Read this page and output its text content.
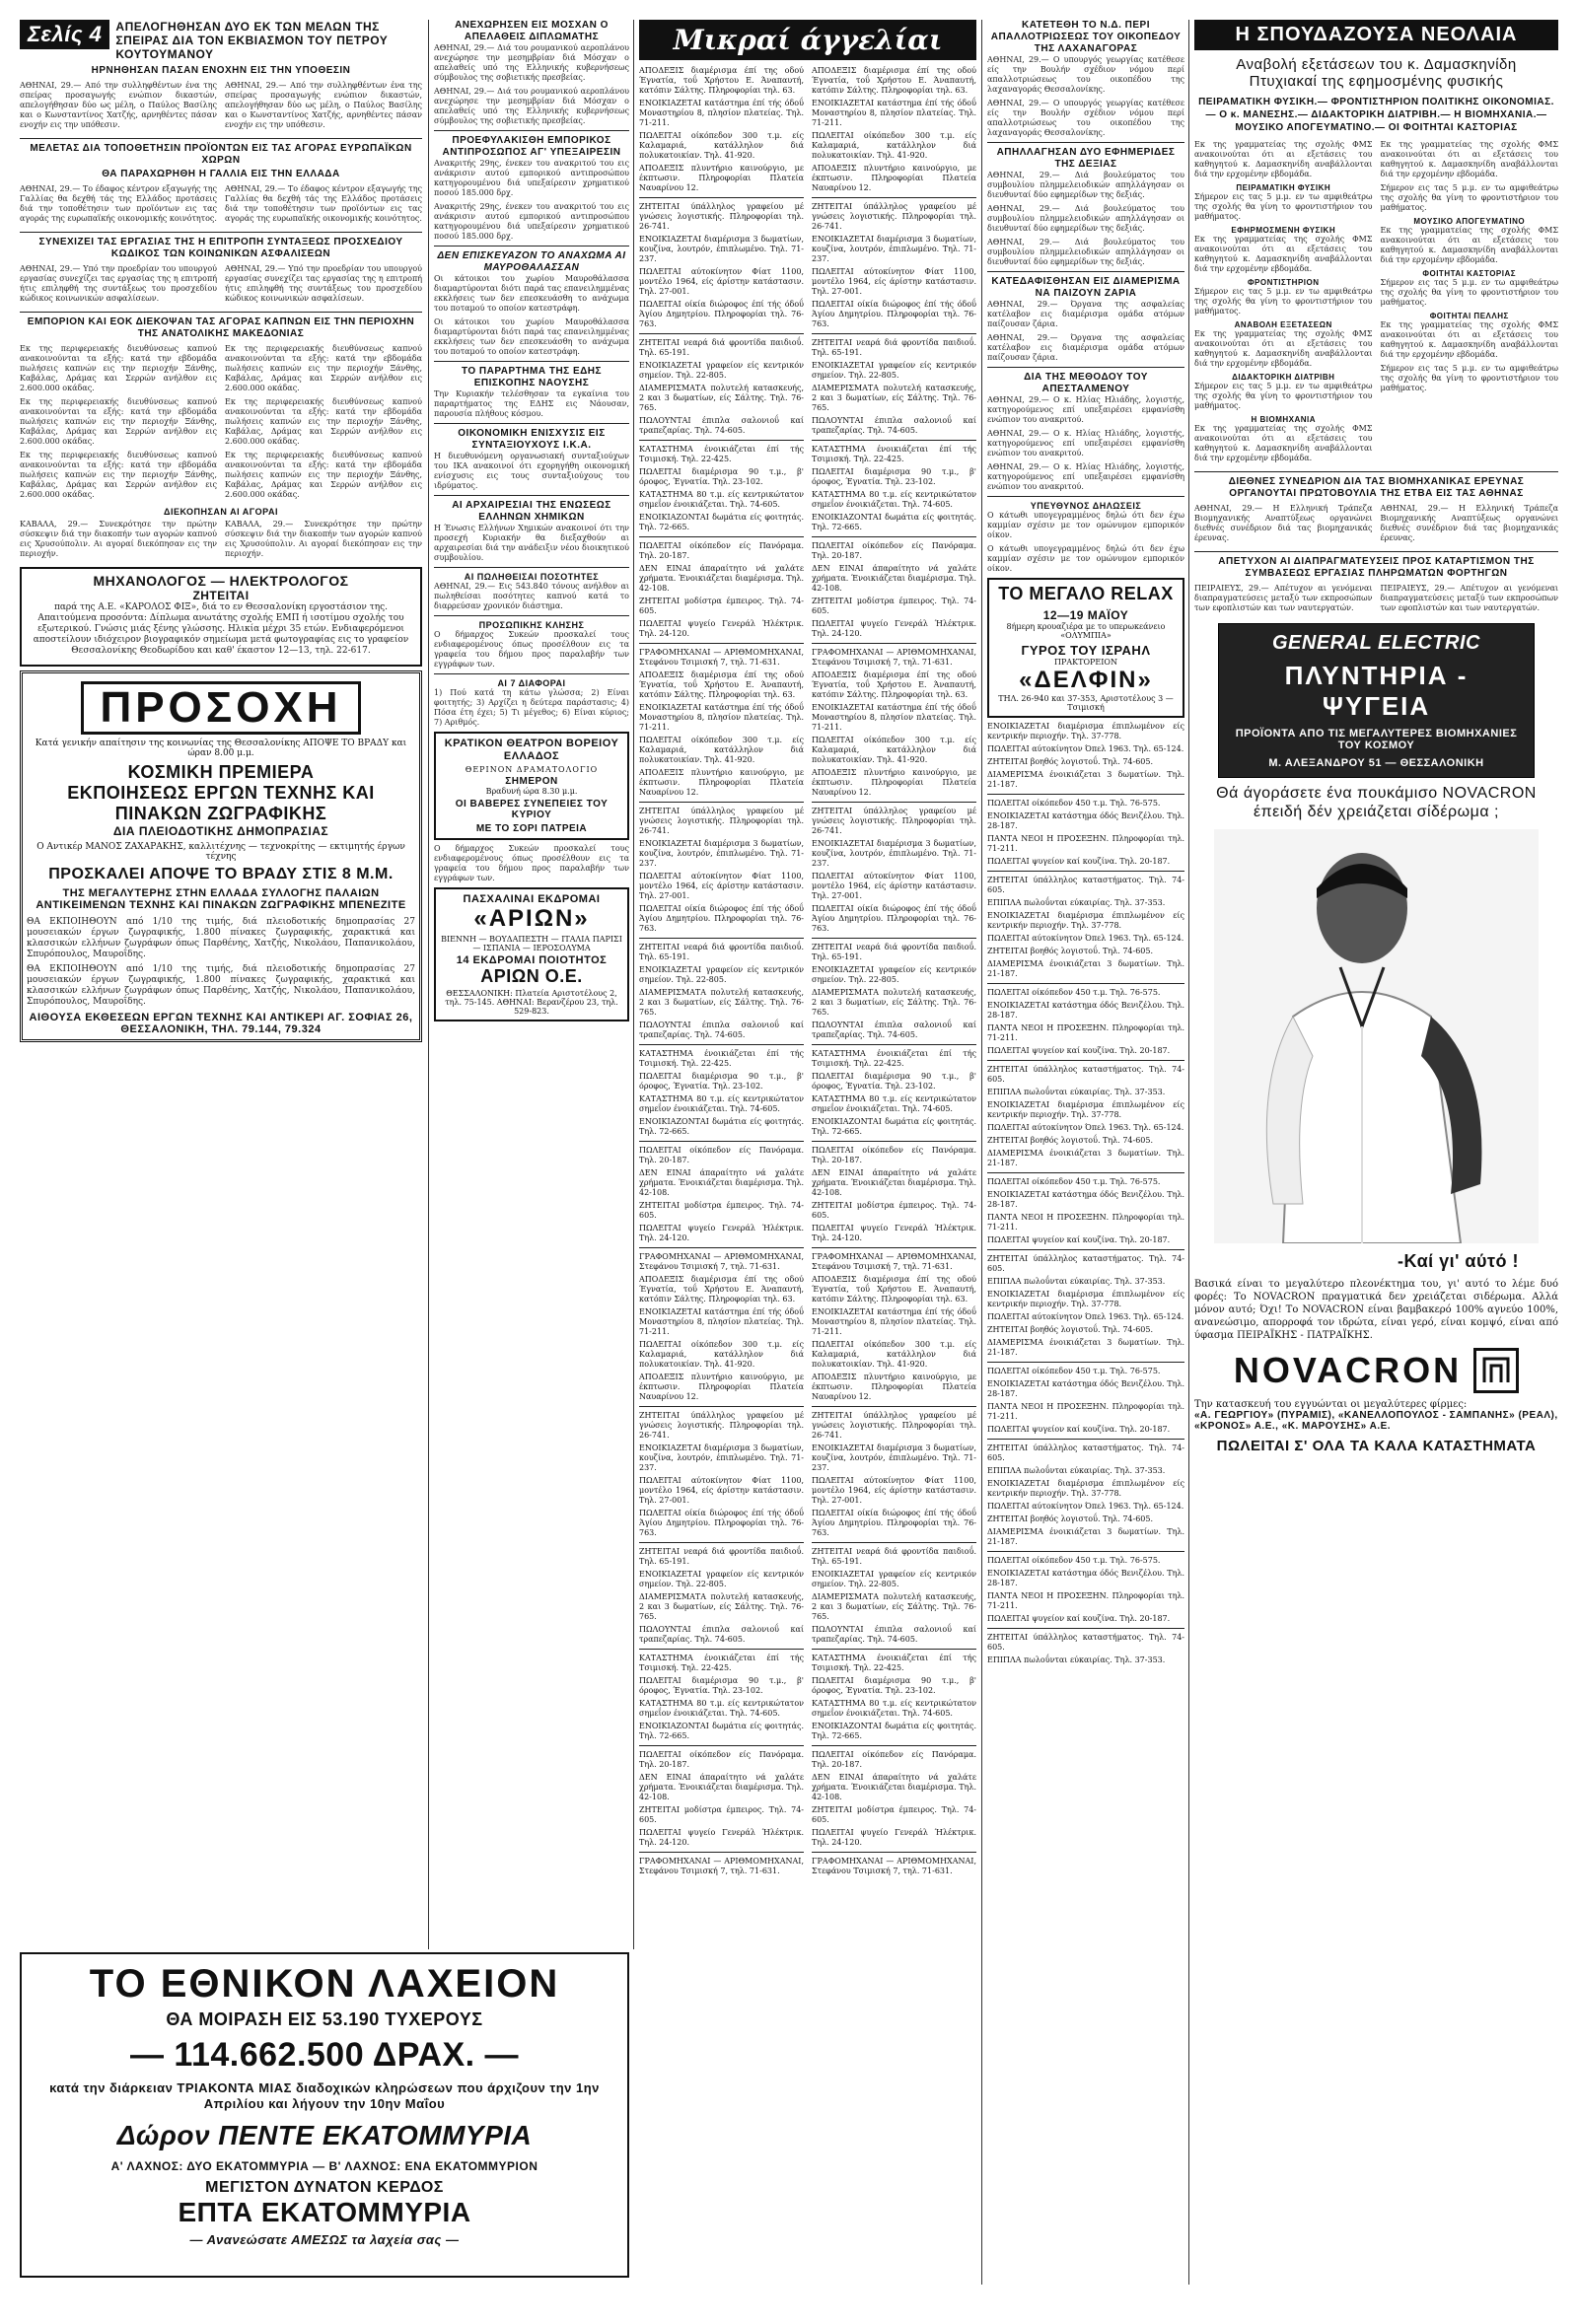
Σελίς 4	ΑΠΕΛΟΓΗΘΗΣΑΝ ΔΥΟ ΕΚ ΤΩΝ ΜΕΛΩΝ ΤΗΣ ΣΠΕΙΡΑΣ ΔΙΑ ΤΟΝ ΕΚΒΙΑΣΜΟΝ ΤΟΥ ΠΕΤΡΟΥ ΚΟΥΤΟΥΜΑΝΟΥ
ΗΡΝΗΘΗΣΑΝ ΠΑΣΑΝ ΕΝΟΧΗΝ ΕΙΣ ΤΗΝ ΥΠΟΘΕΣΙΝ

ΑΘΗΝΑΙ, 29.— Από την συλληφθέντων ένα της σπείρας προσαγωγής ενώπιον δικαστών, απελογήθησαν δύο ως μέλη, ο Παύλος Βασίλης και ο Κωνσταντίνος Χατζής, αρνηθέντες πάσαν ενοχήν εις την υπόθεσιν.

ΑΘΗΝΑΙ, 29.— Από την συλληφθέντων ένα της σπείρας προσαγωγής ενώπιον δικαστών, απελογήθησαν δύο ως μέλη, ο Παύλος Βασίλης και ο Κωνσταντίνος Χατζής, αρνηθέντες πάσαν ενοχήν εις την υπόθεσιν.

ΜΕΛΕΤΑΣ ΔΙΑ ΤΟΠΟΘΕΤΗΣΙΝ ΠΡΟΪΟΝΤΩΝ ΕΙΣ ΤΑΣ ΑΓΟΡΑΣ ΕΥΡΩΠΑΪΚΩΝ ΧΩΡΩΝ
ΘΑ ΠΑΡΑΧΩΡΗΘΗ Η ΓΑΛΛΙΑ ΕΙΣ ΤΗΝ ΕΛΛΑΔΑ

ΑΘΗΝΑΙ, 29.— Το έδαφος κέντρον εξαγωγής της Γαλλίας θα δεχθή τάς της Ελλάδος προτάσεις διά την τοποθέτησιν των προϊόντων εις τας αγοράς της ευρωπαϊκής οικονομικής κοινότητος.

ΑΘΗΝΑΙ, 29.— Το έδαφος κέντρον εξαγωγής της Γαλλίας θα δεχθή τάς της Ελλάδος προτάσεις διά την τοποθέτησιν των προϊόντων εις τας αγοράς της ευρωπαϊκής οικονομικής κοινότητος.

ΣΥΝΕΧΙΖΕΙ ΤΑΣ ΕΡΓΑΣΙΑΣ ΤΗΣ Η ΕΠΙΤΡΟΠΗ ΣΥΝΤΑΞΕΩΣ ΠΡΟΣΧΕΔΙΟΥ ΚΩΔΙΚΟΣ ΤΩΝ ΚΟΙΝΩΝΙΚΩΝ ΑΣΦΑΛΙΣΕΩΝ

ΑΘΗΝΑΙ, 29.— Υπό την προεδρίαν του υπουργού εργασίας συνεχίζει τας εργασίας της η επιτροπή ήτις επιληφθή της συντάξεως του προσχεδίου κώδικος κοινωνικών ασφαλίσεων.

ΑΘΗΝΑΙ, 29.— Υπό την προεδρίαν του υπουργού εργασίας συνεχίζει τας εργασίας της η επιτροπή ήτις επιληφθή της συντάξεως του προσχεδίου κώδικος κοινωνικών ασφαλίσεων.

ΕΜΠΟΡΙΟΝ ΚΑΙ ΕΟΚ ΔΙΕΚΟΨΑΝ ΤΑΣ ΑΓΟΡΑΣ ΚΑΠΝΩΝ ΕΙΣ ΤΗΝ ΠΕΡΙΟΧΗΝ ΤΗΣ ΑΝΑΤΟΛΙΚΗΣ ΜΑΚΕΔΟΝΙΑΣ

Εκ της περιφερειακής διευθύνσεως καπνού ανακοινούνται τα εξής: κατά την εβδομάδα πωλήσεις καπνών εις την περιοχήν Ξάνθης, Καβάλας, Δράμας και Σερρών ανήλθον εις 2.600.000 οκάδας.

Εκ της περιφερειακής διευθύνσεως καπνού ανακοινούνται τα εξής: κατά την εβδομάδα πωλήσεις καπνών εις την περιοχήν Ξάνθης, Καβάλας, Δράμας και Σερρών ανήλθον εις 2.600.000 οκάδας.

Εκ της περιφερειακής διευθύνσεως καπνού ανακοινούνται τα εξής: κατά την εβδομάδα πωλήσεις καπνών εις την περιοχήν Ξάνθης, Καβάλας, Δράμας και Σερρών ανήλθον εις 2.600.000 οκάδας.

Εκ της περιφερειακής διευθύνσεως καπνού ανακοινούνται τα εξής: κατά την εβδομάδα πωλήσεις καπνών εις την περιοχήν Ξάνθης, Καβάλας, Δράμας και Σερρών ανήλθον εις 2.600.000 οκάδας.

Εκ της περιφερειακής διευθύνσεως καπνού ανακοινούνται τα εξής: κατά την εβδομάδα πωλήσεις καπνών εις την περιοχήν Ξάνθης, Καβάλας, Δράμας και Σερρών ανήλθον εις 2.600.000 οκάδας.

Εκ της περιφερειακής διευθύνσεως καπνού ανακοινούνται τα εξής: κατά την εβδομάδα πωλήσεις καπνών εις την περιοχήν Ξάνθης, Καβάλας, Δράμας και Σερρών ανήλθον εις 2.600.000 οκάδας.

ΔΙΕΚΟΠΗΣΑΝ ΑΙ ΑΓΟΡΑΙ

ΚΑΒΑΛΑ, 29.— Συνεκρότησε την πρώτην σύσκεψιν διά την διακοπήν των αγορών καπνού εις Χρυσούπολιν. Αι αγοραί διεκόπησαν εις την περιοχήν.

ΚΑΒΑΛΑ, 29.— Συνεκρότησε την πρώτην σύσκεψιν διά την διακοπήν των αγορών καπνού εις Χρυσούπολιν. Αι αγοραί διεκόπησαν εις την περιοχήν.

ΜΗΧΑΝΟΛΟΓΟΣ — ΗΛΕΚΤΡΟΛΟΓΟΣ
ΖΗΤΕΙΤΑΙ

παρά της Α.Ε. «ΚΑΡΟΛΟΣ ΦΙΞ», διά το εν Θεσσαλονίκη εργοστάσιον της. Απαιτούμενα προσόντα: Δίπλωμα ανωτάτης σχολής ΕΜΠ ή ισοτίμου σχολής του εξωτερικού. Γνώσις μιάς ξένης γλώσσης. Ηλικία μέχρι 35 ετών. Ενδιαφερόμενοι αποστείλουν ιδιόχειρον βιογραφικόν σημείωμα μετά φωτογραφίας εις το γραφείον Θεσσαλονίκης Θεοδωρίδου και καθ' έκαστον 12—13, τηλ. 22-617.

ΠΡΟΣΟΧΗ
Κατά γενικήν απαίτησιν της κοινωνίας της Θεσσαλονίκης ΑΠΟΨΕ ΤΟ ΒΡΑΔΥ και ώραν 8.00 μ.μ.
ΚΟΣΜΙΚΗ ΠΡΕΜΙΕΡΑ
ΕΚΠΟΙΗΣΕΩΣ ΕΡΓΩΝ ΤΕΧΝΗΣ ΚΑΙ ΠΙΝΑΚΩΝ ΖΩΓΡΑΦΙΚΗΣ
ΔΙΑ ΠΛΕΙΟΔΟΤΙΚΗΣ ΔΗΜΟΠΡΑΣΙΑΣ
Ο Αντικέρ ΜΑΝΟΣ ΖΑΧΑΡΑΚΗΣ, καλλιτέχνης — τεχνοκρίτης — εκτιμητής έργων τέχνης
ΠΡΟΣΚΑΛΕΙ ΑΠΟΨΕ ΤΟ ΒΡΑΔΥ ΣΤΙΣ 8 Μ.Μ.
ΤΗΣ ΜΕΓΑΛΥΤΕΡΗΣ ΣΤΗΝ ΕΛΛΑΔΑ ΣΥΛΛΟΓΗΣ ΠΑΛΑΙΩΝ ΑΝΤΙΚΕΙΜΕΝΩΝ ΤΕΧΝΗΣ ΚΑΙ ΠΙΝΑΚΩΝ ΖΩΓΡΑΦΙΚΗΣ ΜΠΕΝΕΖΙΤΕ

ΘΑ ΕΚΠΟΙΗΘΟΥΝ από 1/10 της τιμής, διά πλειοδοτικής δημοπρασίας 27 μουσειακών έργων ζωγραφικής, 1.800 πίνακες ζωγραφικής, χαρακτικά και κλασσικών ελλήνων ζωγράφων όπως Παρθένης, Χατζής, Νικολάου, Παπανικολάου, Σπυρόπουλος, Μαυροΐδης.

ΘΑ ΕΚΠΟΙΗΘΟΥΝ από 1/10 της τιμής, διά πλειοδοτικής δημοπρασίας 27 μουσειακών έργων ζωγραφικής, 1.800 πίνακες ζωγραφικής, χαρακτικά και κλασσικών ελλήνων ζωγράφων όπως Παρθένης, Χατζής, Νικολάου, Παπανικολάου, Σπυρόπουλος, Μαυροΐδης.

ΑΙΘΟΥΣΑ ΕΚΘΕΣΕΩΝ ΕΡΓΩΝ ΤΕΧΝΗΣ ΚΑΙ ΑΝΤΙΚΕΡΙ ΑΓ. ΣΟΦΙΑΣ 26, ΘΕΣΣΑΛΟΝΙΚΗ, ΤΗΛ. 79.144, 79.324
ΑΝΕΧΩΡΗΣΕΝ ΕΙΣ ΜΟΣΧΑΝ Ο ΑΠΕΛΑΘΕΙΣ ΔΙΠΛΩΜΑΤΗΣ

ΑΘΗΝΑΙ, 29.— Διά του ρουμανικού αεροπλάνου ανεχώρησε την μεσημβρίαν διά Μόσχαν ο απελαθείς υπό της Ελληνικής κυβερνήσεως σύμβουλος της σοβιετικής πρεσβείας.

ΑΘΗΝΑΙ, 29.— Διά του ρουμανικού αεροπλάνου ανεχώρησε την μεσημβρίαν διά Μόσχαν ο απελαθείς υπό της Ελληνικής κυβερνήσεως σύμβουλος της σοβιετικής πρεσβείας.

ΠΡΟΕΦΥΛΑΚΙΣΘΗ ΕΜΠΟΡΙΚΟΣ ΑΝΤΙΠΡΟΣΩΠΟΣ ΑΓ' ΥΠΕΞΑΙΡΕΣΙΝ

Ανακριτής 29ης, ένεκεν του ανακριτού του εις ανάκρισιν αυτού εμπορικού αντιπροσώπου κατηγορουμένου διά υπεξαίρεσιν χρηματικού ποσού 185.000 δρχ.

Ανακριτής 29ης, ένεκεν του ανακριτού του εις ανάκρισιν αυτού εμπορικού αντιπροσώπου κατηγορουμένου διά υπεξαίρεσιν χρηματικού ποσού 185.000 δρχ.

ΔΕΝ ΕΠΙΣΚΕΥΑΖΟΝ ΤΟ ΑΝΑΧΩΜΑ ΑΙ ΜΑΥΡΟΘΑΛΑΣΣΑΝ

Οι κάτοικοι του χωρίου Μαυροθάλασσα διαμαρτύρονται διότι παρά τας επανειλημμένας εκκλήσεις των δεν επεσκευάσθη το ανάχωμα του ποταμού το οποίον κατεστράφη.

Οι κάτοικοι του χωρίου Μαυροθάλασσα διαμαρτύρονται διότι παρά τας επανειλημμένας εκκλήσεις των δεν επεσκευάσθη το ανάχωμα του ποταμού το οποίον κατεστράφη.

ΤΟ ΠΑΡΑΡΤΗΜΑ ΤΗΣ ΕΔΗΣ ΕΠΙΣΚΟΠΗΣ ΝΑΟΥΣΗΣ

Την Κυριακήν τελέσθησαν τα εγκαίνια του παραρτήματος της ΕΔΗΣ εις Νάουσαν, παρουσία πλήθους κόσμου.

ΟΙΚΟΝΟΜΙΚΗ ΕΝΙΣΧΥΣΙΣ ΕΙΣ ΣΥΝΤΑΞΙΟΥΧΟΥΣ Ι.Κ.Α.

Η διευθυνόμενη οργανωσιακή συνταξιούχων του ΙΚΑ ανακοινοί ότι εχορηγήθη οικονομική ενίσχυσις εις τους συνταξιούχους του ιδρύματος.

ΑΙ ΑΡΧΑΙΡΕΣΙΑΙ ΤΗΣ ΕΝΩΣΕΩΣ ΕΛΛΗΝΩΝ ΧΗΜΙΚΩΝ

Η Ένωσις Ελλήνων Χημικών ανακοινοί ότι την προσεχή Κυριακήν θα διεξαχθούν αι αρχαιρεσίαι διά την ανάδειξιν νέου διοικητικού συμβουλίου.

ΑΙ ΠΩΛΗΘΕΙΣΑΙ ΠΟΣΟΤΗΤΕΣ

ΑΘΗΝΑΙ, 29.— Εις 543.840 τόνους ανήλθον αι πωληθείσαι ποσότητες καπνού κατά το διαρρεύσαν χρονικόν διάστημα.

ΠΡΟΣΩΠΙΚΗΣ ΚΛΗΣΗΣ

Ο δήμαρχος Συκεών προσκαλεί τους ενδιαφερομένους όπως προσέλθουν εις τα γραφεία του δήμου προς παραλαβήν των εγγράφων των.

ΑΙ 7 ΔΙΑΦΟΡΑΙ

1) Πού κατά τη κάτω γλώσσα; 2) Είναι φοιτητής; 3) Αρχίζει η δεύτερα παράστασις; 4) Πόσα έτη έχει; 5) Τι μέγεθος; 6) Είναι κύριος; 7) Αριθμός.

ΚΡΑΤΙΚΟΝ ΘΕΑΤΡΟΝ ΒΟΡΕΙΟΥ ΕΛΛΑΔΟΣ
ΘΕΡΙΝΟΝ ΔΡΑΜΑΤΟΛΟΓΙΟ
ΣΗΜΕΡΟΝ
Βραδυνή ώρα 8.30 μ.μ.
ΟΙ ΒΑΒΕΡΕΣ ΣΥΝΕΠΕΙΕΣ ΤΟΥ ΚΥΡΙΟΥ
ΜΕ ΤΟ ΣΟΡΙ ΠΑΤΡΕΙΑ

Ο δήμαρχος Συκεών προσκαλεί τους ενδιαφερομένους όπως προσέλθουν εις τα γραφεία του δήμου προς παραλαβήν των εγγράφων των.

ΠΑΣΧΑΛΙΝΑΙ ΕΚΔΡΟΜΑΙ
«ΑΡΙΩΝ»
ΒΙΕΝΝΗ — ΒΟΥΔΑΠΕΣΤΗ — ΙΤΑΛΙΑ ΠΑΡΙΣΙ — ΙΣΠΑΝΙΑ — ΙΕΡΟΣΟΛΥΜΑ
14 ΕΚΔΡΟΜΑΙ ΠΟΙΟΤΗΤΟΣ
ΑΡΙΩΝ Ο.Ε.
ΘΕΣΣΑΛΟΝΙΚΗ: Πλατεία Αριστοτέλους 2, τηλ. 75-145. ΑΘΗΝΑΙ: Βερανζέρου 23, τηλ. 529-823.
Μικραί άγγελίαι

ΑΠΟΔΕΞΙΣ διαμέρισμα έπί της οδού Έγνατία, τοΰ Χρήστου Ε. Άναπαυτή, κατόπιν Σάλτης. Πληροφορίαι τηλ. 63.

ΕΝΟΙΚΙΑΖΕΤΑΙ κατάστημα έπί τής όδοΰ Μοναστηρίου 8, πλησίον πλατείας. Τηλ. 71-211.

ΠΩΛΕΙΤΑΙ οίκόπεδον 300 τ.μ. είς Καλαμαριά, κατάλληλον διά πολυκατοικίαν. Τηλ. 41-920.

ΑΠΟΔΕΞΙΣ πλυντήριο καινούργιο, με έκπτωσιν. Πληροφορίαι Πλατεία Ναυαρίνου 12.

ΖΗΤΕΙΤΑΙ ύπάλληλος γραφείου μέ γνώσεις λογιστικής. Πληροφορίαι τηλ. 26-741.

ΕΝΟΙΚΙΑΖΕΤΑΙ διαμέρισμα 3 δωματίων, κουζίνα, λουτρόν, έπιπλωμένο. Τηλ. 71-237.

ΠΩΛΕΙΤΑΙ αύτοκίνητον Φίατ 1100, μοντέλο 1964, είς άρίστην κατάστασιν. Τηλ. 27-001.

ΠΩΛΕΙΤΑΙ οίκία διώροφος έπί τής όδοΰ Άγίου Δημητρίου. Πληροφορίαι τηλ. 76-763.

ΖΗΤΕΙΤΑΙ νεαρά διά φροντίδα παιδιοΰ. Τηλ. 65-191.

ΕΝΟΙΚΙΑΖΕΤΑΙ γραφείον είς κεντρικόν σημείον. Τηλ. 22-805.

ΔΙΑΜΕΡΙΣΜΑΤΑ πολυτελή κατασκευής, 2 και 3 δωματίων, είς Σάλτης. Τηλ. 76-765.

ΠΩΛΟΥΝΤΑΙ έπιπλα σαλονιοΰ καί τραπεζαρίας. Τηλ. 74-605.

ΚΑΤΑΣΤΗΜΑ ένοικιάζεται έπί τής Τσιμισκή. Τηλ. 22-425.

ΠΩΛΕΙΤΑΙ διαμέρισμα 90 τ.μ., β' όροφος, Έγνατία. Τηλ. 23-102.

ΚΑΤΑΣΤΗΜΑ 80 τ.μ. είς κεντρικώτατον σημεΐον ένοικιάζεται. Τηλ. 74-605.

ΕΝΟΙΚΙΑΖΟΝΤΑΙ δωμάτια είς φοιτητάς. Τηλ. 72-665.

ΠΩΛΕΙΤΑΙ οίκόπεδον είς Πανόραμα. Τηλ. 20-187.

ΔΕΝ ΕΙΝΑΙ άπαραίτητο νά χαλάτε χρήματα. Ένοικιάζεται διαμέρισμα. Τηλ. 42-108.

ΖΗΤΕΙΤΑΙ μοδίστρα έμπειρος. Τηλ. 74-605.

ΠΩΛΕΙΤΑΙ ψυγείο Γενεράλ Ήλέκτρικ. Τηλ. 24-120.

ΓΡΑΦΟΜΗΧΑΝΑΙ — ΑΡΙΘΜΟΜΗΧΑΝΑΙ, Στεφάνου Τσιμισκή 7, τηλ. 71-631.

ΑΠΟΔΕΞΙΣ διαμέρισμα έπί της οδού Έγνατία, τοΰ Χρήστου Ε. Άναπαυτή, κατόπιν Σάλτης. Πληροφορίαι τηλ. 63.

ΕΝΟΙΚΙΑΖΕΤΑΙ κατάστημα έπί τής όδοΰ Μοναστηρίου 8, πλησίον πλατείας. Τηλ. 71-211.

ΠΩΛΕΙΤΑΙ οίκόπεδον 300 τ.μ. είς Καλαμαριά, κατάλληλον διά πολυκατοικίαν. Τηλ. 41-920.

ΑΠΟΔΕΞΙΣ πλυντήριο καινούργιο, με έκπτωσιν. Πληροφορίαι Πλατεία Ναυαρίνου 12.

ΖΗΤΕΙΤΑΙ ύπάλληλος γραφείου μέ γνώσεις λογιστικής. Πληροφορίαι τηλ. 26-741.

ΕΝΟΙΚΙΑΖΕΤΑΙ διαμέρισμα 3 δωματίων, κουζίνα, λουτρόν, έπιπλωμένο. Τηλ. 71-237.

ΠΩΛΕΙΤΑΙ αύτοκίνητον Φίατ 1100, μοντέλο 1964, είς άρίστην κατάστασιν. Τηλ. 27-001.

ΠΩΛΕΙΤΑΙ οίκία διώροφος έπί τής όδοΰ Άγίου Δημητρίου. Πληροφορίαι τηλ. 76-763.

ΖΗΤΕΙΤΑΙ νεαρά διά φροντίδα παιδιοΰ. Τηλ. 65-191.

ΕΝΟΙΚΙΑΖΕΤΑΙ γραφείον είς κεντρικόν σημείον. Τηλ. 22-805.

ΔΙΑΜΕΡΙΣΜΑΤΑ πολυτελή κατασκευής, 2 και 3 δωματίων, είς Σάλτης. Τηλ. 76-765.

ΠΩΛΟΥΝΤΑΙ έπιπλα σαλονιοΰ καί τραπεζαρίας. Τηλ. 74-605.

ΚΑΤΑΣΤΗΜΑ ένοικιάζεται έπί τής Τσιμισκή. Τηλ. 22-425.

ΠΩΛΕΙΤΑΙ διαμέρισμα 90 τ.μ., β' όροφος, Έγνατία. Τηλ. 23-102.

ΚΑΤΑΣΤΗΜΑ 80 τ.μ. είς κεντρικώτατον σημεΐον ένοικιάζεται. Τηλ. 74-605.

ΕΝΟΙΚΙΑΖΟΝΤΑΙ δωμάτια είς φοιτητάς. Τηλ. 72-665.

ΠΩΛΕΙΤΑΙ οίκόπεδον είς Πανόραμα. Τηλ. 20-187.

ΔΕΝ ΕΙΝΑΙ άπαραίτητο νά χαλάτε χρήματα. Ένοικιάζεται διαμέρισμα. Τηλ. 42-108.

ΖΗΤΕΙΤΑΙ μοδίστρα έμπειρος. Τηλ. 74-605.

ΠΩΛΕΙΤΑΙ ψυγείο Γενεράλ Ήλέκτρικ. Τηλ. 24-120.

ΓΡΑΦΟΜΗΧΑΝΑΙ — ΑΡΙΘΜΟΜΗΧΑΝΑΙ, Στεφάνου Τσιμισκή 7, τηλ. 71-631.

ΑΠΟΔΕΞΙΣ διαμέρισμα έπί της οδού Έγνατία, τοΰ Χρήστου Ε. Άναπαυτή, κατόπιν Σάλτης. Πληροφορίαι τηλ. 63.

ΕΝΟΙΚΙΑΖΕΤΑΙ κατάστημα έπί τής όδοΰ Μοναστηρίου 8, πλησίον πλατείας. Τηλ. 71-211.

ΠΩΛΕΙΤΑΙ οίκόπεδον 300 τ.μ. είς Καλαμαριά, κατάλληλον διά πολυκατοικίαν. Τηλ. 41-920.

ΑΠΟΔΕΞΙΣ πλυντήριο καινούργιο, με έκπτωσιν. Πληροφορίαι Πλατεία Ναυαρίνου 12.

ΖΗΤΕΙΤΑΙ ύπάλληλος γραφείου μέ γνώσεις λογιστικής. Πληροφορίαι τηλ. 26-741.

ΕΝΟΙΚΙΑΖΕΤΑΙ διαμέρισμα 3 δωματίων, κουζίνα, λουτρόν, έπιπλωμένο. Τηλ. 71-237.

ΠΩΛΕΙΤΑΙ αύτοκίνητον Φίατ 1100, μοντέλο 1964, είς άρίστην κατάστασιν. Τηλ. 27-001.

ΠΩΛΕΙΤΑΙ οίκία διώροφος έπί τής όδοΰ Άγίου Δημητρίου. Πληροφορίαι τηλ. 76-763.

ΖΗΤΕΙΤΑΙ νεαρά διά φροντίδα παιδιοΰ. Τηλ. 65-191.

ΕΝΟΙΚΙΑΖΕΤΑΙ γραφείον είς κεντρικόν σημείον. Τηλ. 22-805.

ΔΙΑΜΕΡΙΣΜΑΤΑ πολυτελή κατασκευής, 2 και 3 δωματίων, είς Σάλτης. Τηλ. 76-765.

ΠΩΛΟΥΝΤΑΙ έπιπλα σαλονιοΰ καί τραπεζαρίας. Τηλ. 74-605.

ΚΑΤΑΣΤΗΜΑ ένοικιάζεται έπί τής Τσιμισκή. Τηλ. 22-425.

ΠΩΛΕΙΤΑΙ διαμέρισμα 90 τ.μ., β' όροφος, Έγνατία. Τηλ. 23-102.

ΚΑΤΑΣΤΗΜΑ 80 τ.μ. είς κεντρικώτατον σημεΐον ένοικιάζεται. Τηλ. 74-605.

ΕΝΟΙΚΙΑΖΟΝΤΑΙ δωμάτια είς φοιτητάς. Τηλ. 72-665.

ΠΩΛΕΙΤΑΙ οίκόπεδον είς Πανόραμα. Τηλ. 20-187.

ΔΕΝ ΕΙΝΑΙ άπαραίτητο νά χαλάτε χρήματα. Ένοικιάζεται διαμέρισμα. Τηλ. 42-108.

ΖΗΤΕΙΤΑΙ μοδίστρα έμπειρος. Τηλ. 74-605.

ΠΩΛΕΙΤΑΙ ψυγείο Γενεράλ Ήλέκτρικ. Τηλ. 24-120.

ΓΡΑΦΟΜΗΧΑΝΑΙ — ΑΡΙΘΜΟΜΗΧΑΝΑΙ, Στεφάνου Τσιμισκή 7, τηλ. 71-631.

ΑΠΟΔΕΞΙΣ διαμέρισμα έπί της οδού Έγνατία, τοΰ Χρήστου Ε. Άναπαυτή, κατόπιν Σάλτης. Πληροφορίαι τηλ. 63.

ΕΝΟΙΚΙΑΖΕΤΑΙ κατάστημα έπί τής όδοΰ Μοναστηρίου 8, πλησίον πλατείας. Τηλ. 71-211.

ΠΩΛΕΙΤΑΙ οίκόπεδον 300 τ.μ. είς Καλαμαριά, κατάλληλον διά πολυκατοικίαν. Τηλ. 41-920.

ΑΠΟΔΕΞΙΣ πλυντήριο καινούργιο, με έκπτωσιν. Πληροφορίαι Πλατεία Ναυαρίνου 12.

ΖΗΤΕΙΤΑΙ ύπάλληλος γραφείου μέ γνώσεις λογιστικής. Πληροφορίαι τηλ. 26-741.

ΕΝΟΙΚΙΑΖΕΤΑΙ διαμέρισμα 3 δωματίων, κουζίνα, λουτρόν, έπιπλωμένο. Τηλ. 71-237.

ΠΩΛΕΙΤΑΙ αύτοκίνητον Φίατ 1100, μοντέλο 1964, είς άρίστην κατάστασιν. Τηλ. 27-001.

ΠΩΛΕΙΤΑΙ οίκία διώροφος έπί τής όδοΰ Άγίου Δημητρίου. Πληροφορίαι τηλ. 76-763.

ΖΗΤΕΙΤΑΙ νεαρά διά φροντίδα παιδιοΰ. Τηλ. 65-191.

ΕΝΟΙΚΙΑΖΕΤΑΙ γραφείον είς κεντρικόν σημείον. Τηλ. 22-805.

ΔΙΑΜΕΡΙΣΜΑΤΑ πολυτελή κατασκευής, 2 και 3 δωματίων, είς Σάλτης. Τηλ. 76-765.

ΠΩΛΟΥΝΤΑΙ έπιπλα σαλονιοΰ καί τραπεζαρίας. Τηλ. 74-605.

ΚΑΤΑΣΤΗΜΑ ένοικιάζεται έπί τής Τσιμισκή. Τηλ. 22-425.

ΠΩΛΕΙΤΑΙ διαμέρισμα 90 τ.μ., β' όροφος, Έγνατία. Τηλ. 23-102.

ΚΑΤΑΣΤΗΜΑ 80 τ.μ. είς κεντρικώτατον σημεΐον ένοικιάζεται. Τηλ. 74-605.

ΕΝΟΙΚΙΑΖΟΝΤΑΙ δωμάτια είς φοιτητάς. Τηλ. 72-665.

ΠΩΛΕΙΤΑΙ οίκόπεδον είς Πανόραμα. Τηλ. 20-187.

ΔΕΝ ΕΙΝΑΙ άπαραίτητο νά χαλάτε χρήματα. Ένοικιάζεται διαμέρισμα. Τηλ. 42-108.

ΖΗΤΕΙΤΑΙ μοδίστρα έμπειρος. Τηλ. 74-605.

ΠΩΛΕΙΤΑΙ ψυγείο Γενεράλ Ήλέκτρικ. Τηλ. 24-120.

ΓΡΑΦΟΜΗΧΑΝΑΙ — ΑΡΙΘΜΟΜΗΧΑΝΑΙ, Στεφάνου Τσιμισκή 7, τηλ. 71-631.

ΑΠΟΔΕΞΙΣ διαμέρισμα έπί της οδού Έγνατία, τοΰ Χρήστου Ε. Άναπαυτή, κατόπιν Σάλτης. Πληροφορίαι τηλ. 63.

ΕΝΟΙΚΙΑΖΕΤΑΙ κατάστημα έπί τής όδοΰ Μοναστηρίου 8, πλησίον πλατείας. Τηλ. 71-211.

ΠΩΛΕΙΤΑΙ οίκόπεδον 300 τ.μ. είς Καλαμαριά, κατάλληλον διά πολυκατοικίαν. Τηλ. 41-920.

ΑΠΟΔΕΞΙΣ πλυντήριο καινούργιο, με έκπτωσιν. Πληροφορίαι Πλατεία Ναυαρίνου 12.

ΖΗΤΕΙΤΑΙ ύπάλληλος γραφείου μέ γνώσεις λογιστικής. Πληροφορίαι τηλ. 26-741.

ΕΝΟΙΚΙΑΖΕΤΑΙ διαμέρισμα 3 δωματίων, κουζίνα, λουτρόν, έπιπλωμένο. Τηλ. 71-237.

ΠΩΛΕΙΤΑΙ αύτοκίνητον Φίατ 1100, μοντέλο 1964, είς άρίστην κατάστασιν. Τηλ. 27-001.

ΠΩΛΕΙΤΑΙ οίκία διώροφος έπί τής όδοΰ Άγίου Δημητρίου. Πληροφορίαι τηλ. 76-763.

ΖΗΤΕΙΤΑΙ νεαρά διά φροντίδα παιδιοΰ. Τηλ. 65-191.

ΕΝΟΙΚΙΑΖΕΤΑΙ γραφείον είς κεντρικόν σημείον. Τηλ. 22-805.

ΔΙΑΜΕΡΙΣΜΑΤΑ πολυτελή κατασκευής, 2 και 3 δωματίων, είς Σάλτης. Τηλ. 76-765.

ΠΩΛΟΥΝΤΑΙ έπιπλα σαλονιοΰ καί τραπεζαρίας. Τηλ. 74-605.

ΚΑΤΑΣΤΗΜΑ ένοικιάζεται έπί τής Τσιμισκή. Τηλ. 22-425.

ΠΩΛΕΙΤΑΙ διαμέρισμα 90 τ.μ., β' όροφος, Έγνατία. Τηλ. 23-102.

ΚΑΤΑΣΤΗΜΑ 80 τ.μ. είς κεντρικώτατον σημεΐον ένοικιάζεται. Τηλ. 74-605.

ΕΝΟΙΚΙΑΖΟΝΤΑΙ δωμάτια είς φοιτητάς. Τηλ. 72-665.

ΠΩΛΕΙΤΑΙ οίκόπεδον είς Πανόραμα. Τηλ. 20-187.

ΔΕΝ ΕΙΝΑΙ άπαραίτητο νά χαλάτε χρήματα. Ένοικιάζεται διαμέρισμα. Τηλ. 42-108.

ΖΗΤΕΙΤΑΙ μοδίστρα έμπειρος. Τηλ. 74-605.

ΠΩΛΕΙΤΑΙ ψυγείο Γενεράλ Ήλέκτρικ. Τηλ. 24-120.

ΓΡΑΦΟΜΗΧΑΝΑΙ — ΑΡΙΘΜΟΜΗΧΑΝΑΙ, Στεφάνου Τσιμισκή 7, τηλ. 71-631.

ΑΠΟΔΕΞΙΣ διαμέρισμα έπί της οδού Έγνατία, τοΰ Χρήστου Ε. Άναπαυτή, κατόπιν Σάλτης. Πληροφορίαι τηλ. 63.

ΕΝΟΙΚΙΑΖΕΤΑΙ κατάστημα έπί τής όδοΰ Μοναστηρίου 8, πλησίον πλατείας. Τηλ. 71-211.

ΠΩΛΕΙΤΑΙ οίκόπεδον 300 τ.μ. είς Καλαμαριά, κατάλληλον διά πολυκατοικίαν. Τηλ. 41-920.

ΑΠΟΔΕΞΙΣ πλυντήριο καινούργιο, με έκπτωσιν. Πληροφορίαι Πλατεία Ναυαρίνου 12.

ΖΗΤΕΙΤΑΙ ύπάλληλος γραφείου μέ γνώσεις λογιστικής. Πληροφορίαι τηλ. 26-741.

ΕΝΟΙΚΙΑΖΕΤΑΙ διαμέρισμα 3 δωματίων, κουζίνα, λουτρόν, έπιπλωμένο. Τηλ. 71-237.

ΠΩΛΕΙΤΑΙ αύτοκίνητον Φίατ 1100, μοντέλο 1964, είς άρίστην κατάστασιν. Τηλ. 27-001.

ΠΩΛΕΙΤΑΙ οίκία διώροφος έπί τής όδοΰ Άγίου Δημητρίου. Πληροφορίαι τηλ. 76-763.

ΖΗΤΕΙΤΑΙ νεαρά διά φροντίδα παιδιοΰ. Τηλ. 65-191.

ΕΝΟΙΚΙΑΖΕΤΑΙ γραφείον είς κεντρικόν σημείον. Τηλ. 22-805.

ΔΙΑΜΕΡΙΣΜΑΤΑ πολυτελή κατασκευής, 2 και 3 δωματίων, είς Σάλτης. Τηλ. 76-765.

ΠΩΛΟΥΝΤΑΙ έπιπλα σαλονιοΰ καί τραπεζαρίας. Τηλ. 74-605.

ΚΑΤΑΣΤΗΜΑ ένοικιάζεται έπί τής Τσιμισκή. Τηλ. 22-425.

ΠΩΛΕΙΤΑΙ διαμέρισμα 90 τ.μ., β' όροφος, Έγνατία. Τηλ. 23-102.

ΚΑΤΑΣΤΗΜΑ 80 τ.μ. είς κεντρικώτατον σημεΐον ένοικιάζεται. Τηλ. 74-605.

ΕΝΟΙΚΙΑΖΟΝΤΑΙ δωμάτια είς φοιτητάς. Τηλ. 72-665.

ΠΩΛΕΙΤΑΙ οίκόπεδον είς Πανόραμα. Τηλ. 20-187.

ΔΕΝ ΕΙΝΑΙ άπαραίτητο νά χαλάτε χρήματα. Ένοικιάζεται διαμέρισμα. Τηλ. 42-108.

ΖΗΤΕΙΤΑΙ μοδίστρα έμπειρος. Τηλ. 74-605.

ΠΩΛΕΙΤΑΙ ψυγείο Γενεράλ Ήλέκτρικ. Τηλ. 24-120.

ΓΡΑΦΟΜΗΧΑΝΑΙ — ΑΡΙΘΜΟΜΗΧΑΝΑΙ, Στεφάνου Τσιμισκή 7, τηλ. 71-631.

ΚΑΤΕΤΕΘΗ ΤΟ Ν.Δ. ΠΕΡΙ ΑΠΑΛΛΟΤΡΙΩΣΕΩΣ ΤΟΥ ΟΙΚΟΠΕΔΟΥ ΤΗΣ ΛΑΧΑΝΑΓΟΡΑΣ

ΑΘΗΝΑΙ, 29.— Ο υπουργός γεωργίας κατέθεσε είς την Βουλήν σχέδιον νόμου περί απαλλοτριώσεως του οικοπέδου της λαχαναγοράς Θεσσαλονίκης.

ΑΘΗΝΑΙ, 29.— Ο υπουργός γεωργίας κατέθεσε είς την Βουλήν σχέδιον νόμου περί απαλλοτριώσεως του οικοπέδου της λαχαναγοράς Θεσσαλονίκης.

ΑΠΗΛΛΑΓΗΣΑΝ ΔΥΟ ΕΦΗΜΕΡΙΔΕΣ ΤΗΣ ΔΕΞΙΑΣ

ΑΘΗΝΑΙ, 29.— Διά βουλεύματος του συμβουλίου πλημμελειοδικών απηλλάγησαν οι διευθυνταί δύο εφημερίδων της δεξιάς.

ΑΘΗΝΑΙ, 29.— Διά βουλεύματος του συμβουλίου πλημμελειοδικών απηλλάγησαν οι διευθυνταί δύο εφημερίδων της δεξιάς.

ΑΘΗΝΑΙ, 29.— Διά βουλεύματος του συμβουλίου πλημμελειοδικών απηλλάγησαν οι διευθυνταί δύο εφημερίδων της δεξιάς.

ΚΑΤΕΔΑΦΙΣΘΗΣΑΝ ΕΙΣ ΔΙΑΜΕΡΙΣΜΑ ΝΑ ΠΑΙΖΟΥΝ ΖΑΡΙΑ

ΑΘΗΝΑΙ, 29.— Όργανα της ασφαλείας κατέλαβον εις διαμέρισμα ομάδα ατόμων παίζουσαν ζάρια.

ΑΘΗΝΑΙ, 29.— Όργανα της ασφαλείας κατέλαβον εις διαμέρισμα ομάδα ατόμων παίζουσαν ζάρια.

ΔΙΑ ΤΗΣ ΜΕΘΟΔΟΥ ΤΟΥ ΑΠΕΣΤΑΛΜΕΝΟΥ

ΑΘΗΝΑΙ, 29.— Ο κ. Ηλίας Ηλιάδης, λογιστής, κατηγορούμενος επί υπεξαιρέσει εμφανίσθη ενώπιον του ανακριτού.

ΑΘΗΝΑΙ, 29.— Ο κ. Ηλίας Ηλιάδης, λογιστής, κατηγορούμενος επί υπεξαιρέσει εμφανίσθη ενώπιον του ανακριτού.

ΑΘΗΝΑΙ, 29.— Ο κ. Ηλίας Ηλιάδης, λογιστής, κατηγορούμενος επί υπεξαιρέσει εμφανίσθη ενώπιον του ανακριτού.

ΥΠΕΥΘΥΝΟΣ ΔΗΛΩΣΕΙΣ

Ο κάτωθι υπογεγραμμένος δηλώ ότι δεν έχω καμμίαν σχέσιν με τον ομώνυμον εμπορικόν οίκον.

Ο κάτωθι υπογεγραμμένος δηλώ ότι δεν έχω καμμίαν σχέσιν με τον ομώνυμον εμπορικόν οίκον.

ΤΟ ΜΕΓΑΛΟ RELAX
12—19 ΜΑΪΟΥ
8ήμερη κρουαζιέρα με το υπερωκεάνειο «ΟΛΥΜΠΙΑ»
ΓΥΡΟΣ ΤΟΥ ΙΣΡΑΗΛ
ΠΡΑΚΤΟΡΕΙΟΝ
«ΔΕΛΦΙΝ»
ΤΗΛ. 26-940 και 37-353, Αριστοτέλους 3 — Τσιμισκή

ΕΝΟΙΚΙΑΖΕΤΑΙ διαμέρισμα έπιπλωμένον είς κεντρικήν περιοχήν. Τηλ. 37-778.

ΠΩΛΕΙΤΑΙ αύτοκίνητον Όπελ 1963. Τηλ. 65-124.

ΖΗΤΕΙΤΑΙ βοηθός λογιστοΰ. Τηλ. 74-605.

ΔΙΑΜΕΡΙΣΜΑ ένοικιάζεται 3 δωματίων. Τηλ. 21-187.

ΠΩΛΕΙΤΑΙ οίκόπεδον 450 τ.μ. Τηλ. 76-575.

ΕΝΟΙΚΙΑΖΕΤΑΙ κατάστημα όδός Βενιζέλου. Τηλ. 28-187.

ΠΑΝΤΑ ΝΕΟΙ Η ΠΡΟΣΕΞΗΝ. Πληροφορίαι τηλ. 71-211.

ΠΩΛΕΙΤΑΙ ψυγείον καί κουζίνα. Τηλ. 20-187.

ΖΗΤΕΙΤΑΙ ύπάλληλος καταστήματος. Τηλ. 74-605.

ΕΠΙΠΛΑ πωλοΰνται εύκαιρίας. Τηλ. 37-353.

ΕΝΟΙΚΙΑΖΕΤΑΙ διαμέρισμα έπιπλωμένον είς κεντρικήν περιοχήν. Τηλ. 37-778.

ΠΩΛΕΙΤΑΙ αύτοκίνητον Όπελ 1963. Τηλ. 65-124.

ΖΗΤΕΙΤΑΙ βοηθός λογιστοΰ. Τηλ. 74-605.

ΔΙΑΜΕΡΙΣΜΑ ένοικιάζεται 3 δωματίων. Τηλ. 21-187.

ΠΩΛΕΙΤΑΙ οίκόπεδον 450 τ.μ. Τηλ. 76-575.

ΕΝΟΙΚΙΑΖΕΤΑΙ κατάστημα όδός Βενιζέλου. Τηλ. 28-187.

ΠΑΝΤΑ ΝΕΟΙ Η ΠΡΟΣΕΞΗΝ. Πληροφορίαι τηλ. 71-211.

ΠΩΛΕΙΤΑΙ ψυγείον καί κουζίνα. Τηλ. 20-187.

ΖΗΤΕΙΤΑΙ ύπάλληλος καταστήματος. Τηλ. 74-605.

ΕΠΙΠΛΑ πωλοΰνται εύκαιρίας. Τηλ. 37-353.

ΕΝΟΙΚΙΑΖΕΤΑΙ διαμέρισμα έπιπλωμένον είς κεντρικήν περιοχήν. Τηλ. 37-778.

ΠΩΛΕΙΤΑΙ αύτοκίνητον Όπελ 1963. Τηλ. 65-124.

ΖΗΤΕΙΤΑΙ βοηθός λογιστοΰ. Τηλ. 74-605.

ΔΙΑΜΕΡΙΣΜΑ ένοικιάζεται 3 δωματίων. Τηλ. 21-187.

ΠΩΛΕΙΤΑΙ οίκόπεδον 450 τ.μ. Τηλ. 76-575.

ΕΝΟΙΚΙΑΖΕΤΑΙ κατάστημα όδός Βενιζέλου. Τηλ. 28-187.

ΠΑΝΤΑ ΝΕΟΙ Η ΠΡΟΣΕΞΗΝ. Πληροφορίαι τηλ. 71-211.

ΠΩΛΕΙΤΑΙ ψυγείον καί κουζίνα. Τηλ. 20-187.

ΖΗΤΕΙΤΑΙ ύπάλληλος καταστήματος. Τηλ. 74-605.

ΕΠΙΠΛΑ πωλοΰνται εύκαιρίας. Τηλ. 37-353.

ΕΝΟΙΚΙΑΖΕΤΑΙ διαμέρισμα έπιπλωμένον είς κεντρικήν περιοχήν. Τηλ. 37-778.

ΠΩΛΕΙΤΑΙ αύτοκίνητον Όπελ 1963. Τηλ. 65-124.

ΖΗΤΕΙΤΑΙ βοηθός λογιστοΰ. Τηλ. 74-605.

ΔΙΑΜΕΡΙΣΜΑ ένοικιάζεται 3 δωματίων. Τηλ. 21-187.

ΠΩΛΕΙΤΑΙ οίκόπεδον 450 τ.μ. Τηλ. 76-575.

ΕΝΟΙΚΙΑΖΕΤΑΙ κατάστημα όδός Βενιζέλου. Τηλ. 28-187.

ΠΑΝΤΑ ΝΕΟΙ Η ΠΡΟΣΕΞΗΝ. Πληροφορίαι τηλ. 71-211.

ΠΩΛΕΙΤΑΙ ψυγείον καί κουζίνα. Τηλ. 20-187.

ΖΗΤΕΙΤΑΙ ύπάλληλος καταστήματος. Τηλ. 74-605.

ΕΠΙΠΛΑ πωλοΰνται εύκαιρίας. Τηλ. 37-353.

ΕΝΟΙΚΙΑΖΕΤΑΙ διαμέρισμα έπιπλωμένον είς κεντρικήν περιοχήν. Τηλ. 37-778.

ΠΩΛΕΙΤΑΙ αύτοκίνητον Όπελ 1963. Τηλ. 65-124.

ΖΗΤΕΙΤΑΙ βοηθός λογιστοΰ. Τηλ. 74-605.

ΔΙΑΜΕΡΙΣΜΑ ένοικιάζεται 3 δωματίων. Τηλ. 21-187.

ΠΩΛΕΙΤΑΙ οίκόπεδον 450 τ.μ. Τηλ. 76-575.

ΕΝΟΙΚΙΑΖΕΤΑΙ κατάστημα όδός Βενιζέλου. Τηλ. 28-187.

ΠΑΝΤΑ ΝΕΟΙ Η ΠΡΟΣΕΞΗΝ. Πληροφορίαι τηλ. 71-211.

ΠΩΛΕΙΤΑΙ ψυγείον καί κουζίνα. Τηλ. 20-187.

ΖΗΤΕΙΤΑΙ ύπάλληλος καταστήματος. Τηλ. 74-605.

ΕΠΙΠΛΑ πωλοΰνται εύκαιρίας. Τηλ. 37-353.

Η ΣΠΟΥΔΑΖΟΥΣΑ ΝΕΟΛΑΙΑ
Αναβολή εξετάσεων του κ. Δαμασκηνίδη
Πτυχιακαί της εφημοσμένης φυσικής
ΠΕΙΡΑΜΑΤΙΚΗ ΦΥΣΙΚΗ.— ΦΡΟΝΤΙΣΤΗΡΙΟΝ ΠΟΛΙΤΙΚΗΣ ΟΙΚΟΝΟΜΙΑΣ.— Ο κ. ΜΑΝΕΣΗΣ.— ΔΙΔΑΚΤΟΡΙΚΗ ΔΙΑΤΡΙΒΗ.— Η ΒΙΟΜΗΧΑΝΙΑ.— ΜΟΥΣΙΚΟ ΑΠΟΓΕΥΜΑΤΙΝΟ.— ΟΙ ΦΟΙΤΗΤΑΙ ΚΑΣΤΟΡΙΑΣ

Εκ της γραμματείας της σχολής ΦΜΣ ανακοινούται ότι αι εξετάσεις του καθηγητού κ. Δαμασκηνίδη αναβάλλονται διά την ερχομένην εβδομάδα.

ΠΕΙΡΑΜΑΤΙΚΗ ΦΥΣΙΚΗ

Σήμερον εις τας 5 μ.μ. εν τω αμφιθεάτρω της σχολής θα γίνη το φροντιστήριον του μαθήματος.

ΕΦΗΡΜΟΣΜΕΝΗ ΦΥΣΙΚΗ

Εκ της γραμματείας της σχολής ΦΜΣ ανακοινούται ότι αι εξετάσεις του καθηγητού κ. Δαμασκηνίδη αναβάλλονται διά την ερχομένην εβδομάδα.

ΦΡΟΝΤΙΣΤΗΡΙΟΝ

Σήμερον εις τας 5 μ.μ. εν τω αμφιθεάτρω της σχολής θα γίνη το φροντιστήριον του μαθήματος.

ΑΝΑΒΟΛΗ ΕΞΕΤΑΣΕΩΝ

Εκ της γραμματείας της σχολής ΦΜΣ ανακοινούται ότι αι εξετάσεις του καθηγητού κ. Δαμασκηνίδη αναβάλλονται διά την ερχομένην εβδομάδα.

ΔΙΔΑΚΤΟΡΙΚΗ ΔΙΑΤΡΙΒΗ

Σήμερον εις τας 5 μ.μ. εν τω αμφιθεάτρω της σχολής θα γίνη το φροντιστήριον του μαθήματος.

Η ΒΙΟΜΗΧΑΝΙΑ

Εκ της γραμματείας της σχολής ΦΜΣ ανακοινούται ότι αι εξετάσεις του καθηγητού κ. Δαμασκηνίδη αναβάλλονται διά την ερχομένην εβδομάδα.

Εκ της γραμματείας της σχολής ΦΜΣ ανακοινούται ότι αι εξετάσεις του καθηγητού κ. Δαμασκηνίδη αναβάλλονται διά την ερχομένην εβδομάδα.

Σήμερον εις τας 5 μ.μ. εν τω αμφιθεάτρω της σχολής θα γίνη το φροντιστήριον του μαθήματος.

ΜΟΥΣΙΚΟ ΑΠΟΓΕΥΜΑΤΙΝΟ

Εκ της γραμματείας της σχολής ΦΜΣ ανακοινούται ότι αι εξετάσεις του καθηγητού κ. Δαμασκηνίδη αναβάλλονται διά την ερχομένην εβδομάδα.

ΦΟΙΤΗΤΑΙ ΚΑΣΤΟΡΙΑΣ

Σήμερον εις τας 5 μ.μ. εν τω αμφιθεάτρω της σχολής θα γίνη το φροντιστήριον του μαθήματος.

ΦΟΙΤΗΤΑΙ ΠΕΛΛΗΣ

Εκ της γραμματείας της σχολής ΦΜΣ ανακοινούται ότι αι εξετάσεις του καθηγητού κ. Δαμασκηνίδη αναβάλλονται διά την ερχομένην εβδομάδα.

Σήμερον εις τας 5 μ.μ. εν τω αμφιθεάτρω της σχολής θα γίνη το φροντιστήριον του μαθήματος.

ΔΙΕΘΝΕΣ ΣΥΝΕΔΡΙΟΝ ΔΙΑ ΤΑΣ ΒΙΟΜΗΧΑΝΙΚΑΣ ΕΡΕΥΝΑΣ ΟΡΓΑΝΟΥΤΑΙ ΠΡΩΤΟΒΟΥΛΙΑ ΤΗΣ ΕΤΒΑ ΕΙΣ ΤΑΣ ΑΘΗΝΑΣ

ΑΘΗΝΑΙ, 29.— Η Ελληνική Τράπεζα Βιομηχανικής Αναπτύξεως οργανώνει διεθνές συνέδριον διά τας βιομηχανικάς έρευνας.

ΑΘΗΝΑΙ, 29.— Η Ελληνική Τράπεζα Βιομηχανικής Αναπτύξεως οργανώνει διεθνές συνέδριον διά τας βιομηχανικάς έρευνας.

ΑΠΕΤΥΧΟΝ ΑΙ ΔΙΑΠΡΑΓΜΑΤΕΥΣΕΙΣ ΠΡΟΣ ΚΑΤΑΡΤΙΣΜΟΝ ΤΗΣ ΣΥΜΒΑΣΕΩΣ ΕΡΓΑΣΙΑΣ ΠΛΗΡΩΜΑΤΩΝ ΦΟΡΤΗΓΩΝ

ΠΕΙΡΑΙΕΥΣ, 29.— Απέτυχον αι γενόμεναι διαπραγματεύσεις μεταξύ των εκπροσώπων των εφοπλιστών και των ναυτεργατών.

ΠΕΙΡΑΙΕΥΣ, 29.— Απέτυχον αι γενόμεναι διαπραγματεύσεις μεταξύ των εκπροσώπων των εφοπλιστών και των ναυτεργατών.

GENERAL ELECTRIC
ΠΛΥΝΤΗΡΙΑ - ΨΥΓΕΙΑ
ΠΡΟΪΟΝΤΑ ΑΠΟ ΤΙΣ ΜΕΓΑΛΥΤΕΡΕΣ ΒΙΟΜΗΧΑΝΙΕΣ ΤΟΥ ΚΟΣΜΟΥ
Μ. ΑΛΕΞΑΝΔΡΟΥ 51 — ΘΕΣΣΑΛΟΝΙΚΗ
Θά άγοράσετε ένα πουκάμισο NOVACRON έπειδή δέν χρειάζεται σίδέρωμα ;
-Καί γι' αύτό !

Βασικά είναι το μεγαλύτερο πλεονέκτημα του, γι' αυτό το λέμε δυό φορές: Το NOVACRON πραγματικά δεν χρειάζεται σιδέρωμα. Αλλά μόνον αυτό; Όχι! Το NOVACRON είναι βαμβακερό 100% αγνεύο 100%, ανανεώσιμο, απορροφά τον ιδρώτα, είναι γερό, είναι κομψό, είναι από ύφασμα ΠΕΙΡΑΪΚΗΣ - ΠΑΤΡΑΪΚΗΣ.

NOVACRON
Την κατασκευή του εγγυώνται οι μεγαλύτερες φίρμες:
«Α. ΓΕΩΡΓΙΟΥ» (ΠΥΡΑΜΙΣ), «ΚΑΝΕΛΛΟΠΟΥΛΟΣ - ΣΑΜΠΑΝΗΣ» (ΡΕΑΛ), «ΚΡΟΝΟΣ» Α.Ε., «Κ. ΜΑΡΟΥΣΗΣ» Α.Ε.
ΠΩΛΕΙΤΑΙ Σ' ΟΛΑ ΤΑ ΚΑΛΑ ΚΑΤΑΣΤΗΜΑΤΑ
ΤΟ ΕΘΝΙΚΟΝ ΛΑΧΕΙΟΝ
ΘΑ ΜΟΙΡΑΣΗ ΕΙΣ 53.190 ΤΥΧΕΡΟΥΣ
— 114.662.500 ΔΡΑΧ. —
κατά την διάρκειαν ΤΡΙΑΚΟΝΤΑ ΜΙΑΣ διαδοχικών κληρώσεων που άρχιζουν την 1ην Απριλίου και λήγουν την 10ην Μαΐου
Δώρον ΠΕΝΤΕ ΕΚΑΤΟΜΜΥΡΙΑ
Α' ΛΑΧΝΟΣ: ΔΥΟ ΕΚΑΤΟΜΜΥΡΙΑ — Β' ΛΑΧΝΟΣ: ΕΝΑ ΕΚΑΤΟΜΜΥΡΙΟΝ
ΜΕΓΙΣΤΟΝ ΔΥΝΑΤΟΝ ΚΕΡΔΟΣ
ΕΠΤΑ ΕΚΑΤΟΜΜΥΡΙΑ
— Ανανεώσατε ΑΜΕΣΩΣ τα λαχεία σας —
